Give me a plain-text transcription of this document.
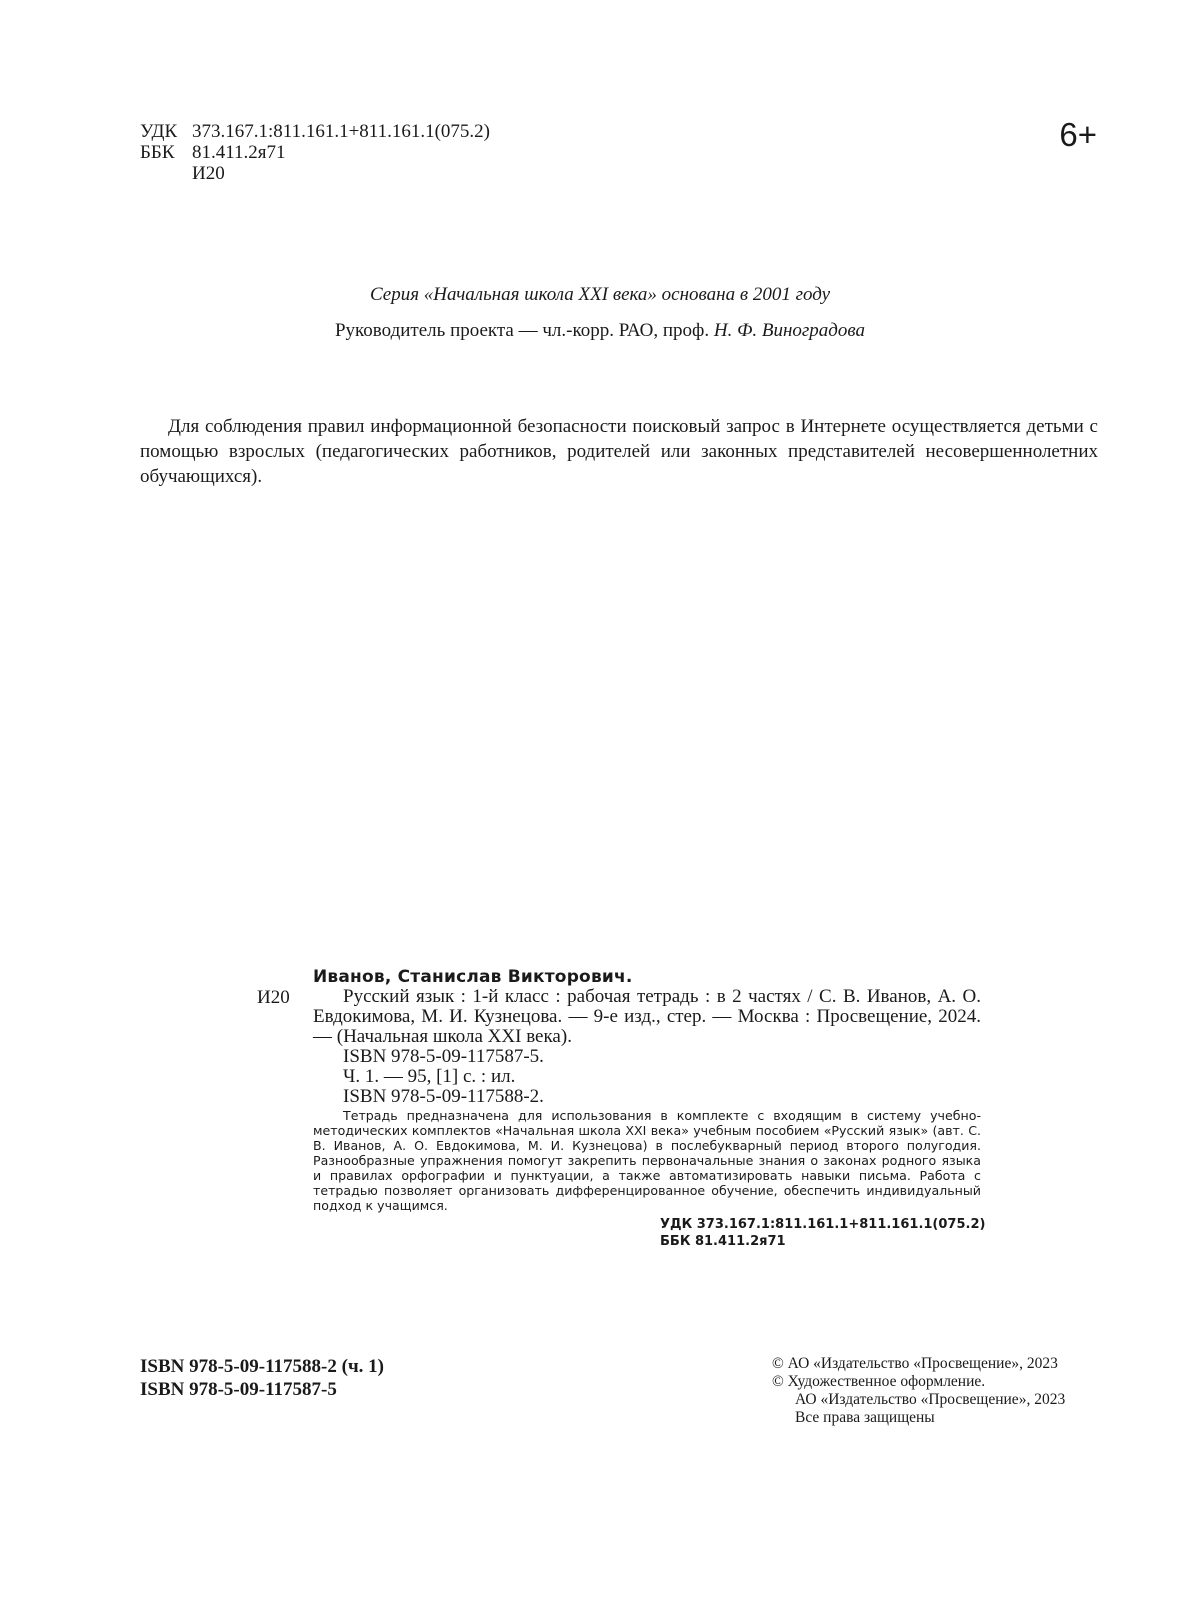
УДК 373.167.1:811.161.1+811.161.1(075.2)
ББК 81.411.2я71
И20
6+
Серия «Начальная школа XXI века» основана в 2001 году
Руководитель проекта — чл.-корр. РАО, проф. Н. Ф. Виноградова
Для соблюдения правил информационной безопасности поисковый запрос в Интернете осуществляется детьми с помощью взрослых (педагогических работников, родителей или законных представителей несовершеннолетних обучающихся).
И20
Иванов, Станислав Викторович.
Русский язык : 1-й класс : рабочая тетрадь : в 2 частях / С. В. Иванов, А. О. Евдокимова, М. И. Кузнецова. — 9-е изд., стер. — Москва : Просвещение, 2024. — (Начальная школа XXI века).
ISBN 978-5-09-117587-5.
Ч. 1. — 95, [1] с. : ил.
ISBN 978-5-09-117588-2.
Тетрадь предназначена для использования в комплекте с входящим в систему учебно-методических комплектов «Начальная школа XXI века» учебным пособием «Русский язык» (авт. С. В. Иванов, А. О. Евдокимова, М. И. Кузнецова) в послебукварный период второго полугодия. Разнообразные упражнения помогут закрепить первоначальные знания о законах родного языка и правилах орфографии и пунктуации, а также автоматизировать навыки письма. Работа с тетрадью позволяет организовать дифференцированное обучение, обеспечить индивидуальный подход к учащимся.
УДК 373.167.1:811.161.1+811.161.1(075.2)
ББК 81.411.2я71
ISBN 978-5-09-117588-2 (ч. 1)
ISBN 978-5-09-117587-5
© АО «Издательство «Просвещение», 2023
© Художественное оформление.
АО «Издательство «Просвещение», 2023
Все права защищены
